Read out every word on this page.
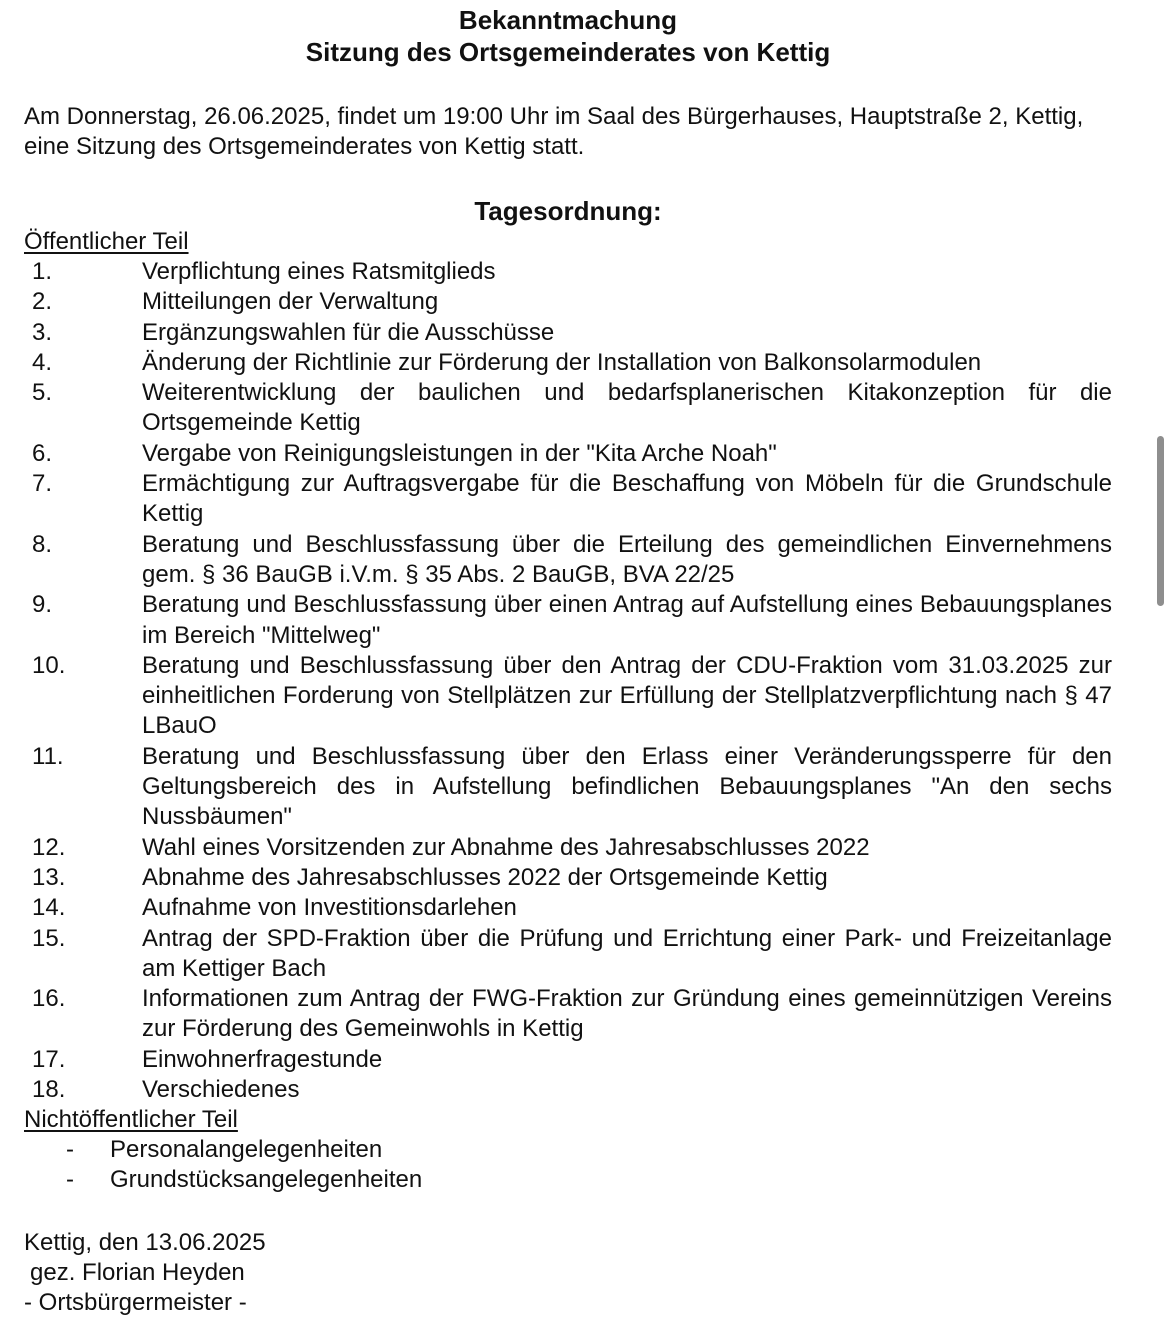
Bekanntmachung
Sitzung des Ortsgemeinderates von Kettig
Am Donnerstag, 26.06.2025, findet um 19:00 Uhr im Saal des Bürgerhauses, Hauptstraße 2, Kettig, eine Sitzung des Ortsgemeinderates von Kettig statt.
Tagesordnung:
Öffentlicher Teil
1.	Verpflichtung eines Ratsmitglieds
2.	Mitteilungen der Verwaltung
3.	Ergänzungswahlen für die Ausschüsse
4.	Änderung der Richtlinie zur Förderung der Installation von Balkonsolarmodulen
5.	Weiterentwicklung der baulichen und bedarfsplanerischen Kitakonzeption für die Ortsgemeinde Kettig
6.	Vergabe von Reinigungsleistungen in der "Kita Arche Noah"
7.	Ermächtigung zur Auftragsvergabe für die Beschaffung von Möbeln für die Grundschule Kettig
8.	Beratung und Beschlussfassung über die Erteilung des gemeindlichen Einvernehmens gem. § 36 BauGB i.V.m. § 35 Abs. 2 BauGB, BVA 22/25
9.	Beratung und Beschlussfassung über einen Antrag auf Aufstellung eines Bebauungsplanes im Bereich "Mittelweg"
10.	Beratung und Beschlussfassung über den Antrag der CDU-Fraktion vom 31.03.2025 zur einheitlichen Forderung von Stellplätzen zur Erfüllung der Stellplatzverpflichtung nach § 47 LBauO
11.	Beratung und Beschlussfassung über den Erlass einer Veränderungssperre für den Geltungsbereich des in Aufstellung befindlichen Bebauungsplanes "An den sechs Nussbäumen"
12.	Wahl eines Vorsitzenden zur Abnahme des Jahresabschlusses 2022
13.	Abnahme des Jahresabschlusses 2022 der Ortsgemeinde Kettig
14.	Aufnahme von Investitionsdarlehen
15.	Antrag der SPD-Fraktion über die Prüfung und Errichtung einer Park- und Freizeitanlage am Kettiger Bach
16.	Informationen zum Antrag der FWG-Fraktion zur Gründung eines gemeinnützigen Vereins zur Förderung des Gemeinwohls in Kettig
17.	Einwohnerfragestunde
18.	Verschiedenes
Nichtöffentlicher Teil
-	Personalangelegenheiten
-	Grundstücksangelegenheiten
Kettig, den 13.06.2025
gez. Florian Heyden
- Ortsbürgermeister -
